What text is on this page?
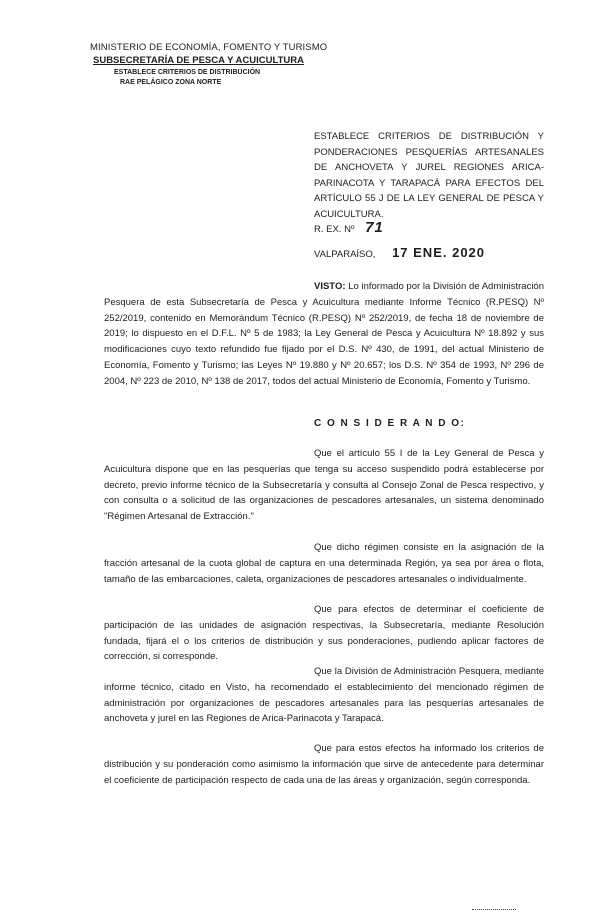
MINISTERIO DE ECONOMÍA, FOMENTO Y TURISMO
SUBSECRETARÍA DE PESCA Y ACUICULTURA
ESTABLECE CRITERIOS DE DISTRIBUCIÓN
RAE PELÁGICO ZONA NORTE
ESTABLECE CRITERIOS DE DISTRIBUCIÓN Y PONDERACIONES PESQUERÍAS ARTESANALES DE ANCHOVETA Y JUREL REGIONES ARICA-PARINACOTA Y TARAPACÁ PARA EFECTOS DEL ARTÍCULO 55 J DE LA LEY GENERAL DE PESCA Y ACUICULTURA.
R. EX. Nº 71
VALPARAÍSO, 17 ENE. 2020
VISTO: Lo informado por la División de Administración Pesquera de esta Subsecretaría de Pesca y Acuicultura mediante Informe Técnico (R.PESQ) Nº 252/2019, contenido en Memorándum Técnico (R.PESQ) Nº 252/2019, de fecha 18 de noviembre de 2019; lo dispuesto en el D.F.L. Nº 5 de 1983; la Ley General de Pesca y Acuicultura Nº 18.892 y sus modificaciones cuyo texto refundido fue fijado por el D.S. Nº 430, de 1991, del actual Ministerio de Economía, Fomento y Turismo; las Leyes Nº 19.880 y Nº 20.657; los D.S. Nº 354 de 1993, Nº 296 de 2004, Nº 223 de 2010, Nº 138 de 2017, todos del actual Ministerio de Economía, Fomento y Turismo.
C O N S I D E R A N D O:
Que el artículo 55 I de la Ley General de Pesca y Acuicultura dispone que en las pesquerías que tenga su acceso suspendido podrá establecerse por decreto, previo informe técnico de la Subsecretaría y consulta al Consejo Zonal de Pesca respectivo, y con consulta o a solicitud de las organizaciones de pescadores artesanales, un sistema denominado "Régimen Artesanal de Extracción."
Que dicho régimen consiste en la asignación de la fracción artesanal de la cuota global de captura en una determinada Región, ya sea por área o flota, tamaño de las embarcaciones, caleta, organizaciones de pescadores artesanales o individualmente.
Que para efectos de determinar el coeficiente de participación de las unidades de asignación respectivas, la Subsecretaría, mediante Resolución fundada, fijará el o los criterios de distribución y sus ponderaciones, pudiendo aplicar factores de corrección, si corresponde.
Que la División de Administración Pesquera, mediante informe técnico, citado en Visto, ha recomendado el establecimiento del mencionado régimen de administración por organizaciones de pescadores artesanales para las pesquerías artesanales de anchoveta y jurel en las Regiones de Arica-Parinacota y Tarapacá.
Que para estos efectos ha informado los criterios de distribución y su ponderación como asimismo la información que sirve de antecedente para determinar el coeficiente de participación respecto de cada una de las áreas y organización, según corresponda.
